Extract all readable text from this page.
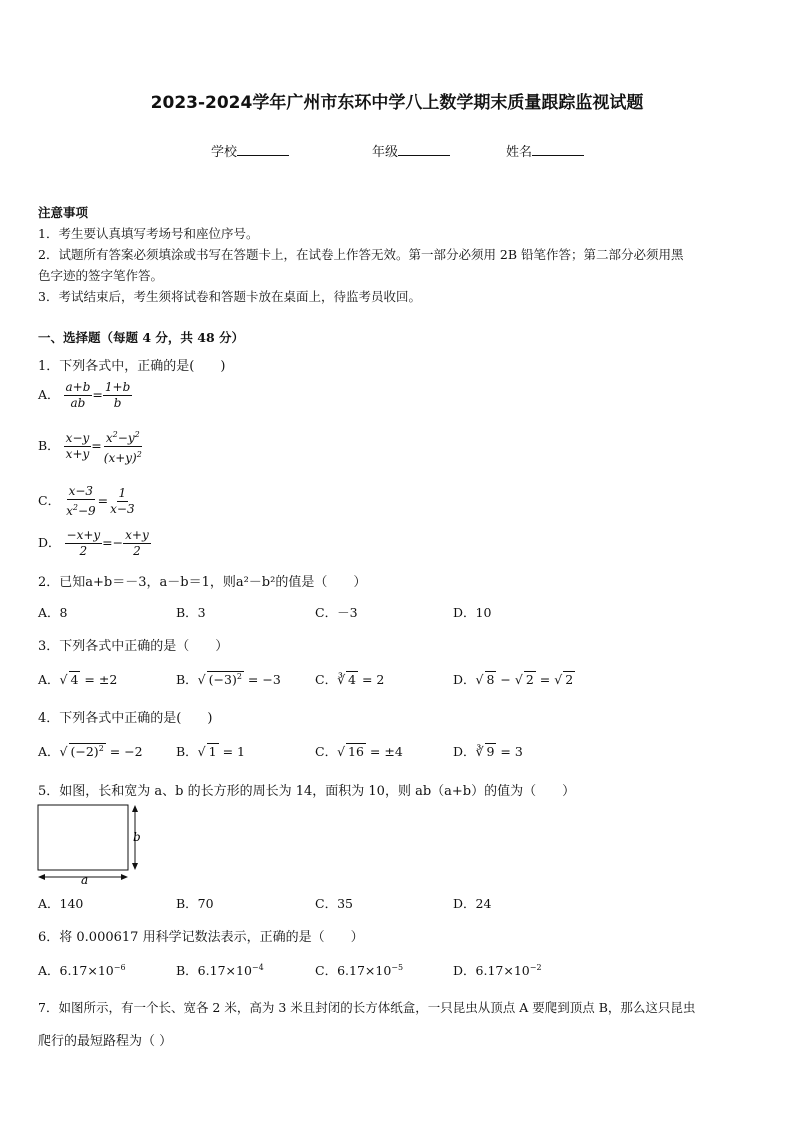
2023-2024学年广州市东环中学八上数学期末质量跟踪监视试题
学校	年级	姓名
注意事项
1．考生要认真填写考场号和座位序号。
2．试题所有答案必须填涂或书写在答题卡上，在试卷上作答无效。第一部分必须用 2B 铅笔作答；第二部分必须用黑
色字迹的签字笔作答。
3．考试结束后，考生须将试卷和答题卡放在桌面上，待监考员收回。
一、选择题（每题 4 分，共 48 分）
1．下列各式中，正确的是(　　)
A． $\frac{a+b}{ab} = \frac{1+b}{b}$
B． $\frac{x-y}{x+y} = \frac{x^2-y^2}{(x+y)^2}$
C． $\frac{x-3}{x^2-9} = \frac{1}{x-3}$
D． $\frac{-x+y}{2} =- \frac{x+y}{2}$
2．已知a+b＝－3，a－b＝1，则a²－b²的值是（　　）
A．8	B．3	C．－3	D．10
3．下列各式中正确的是（　　）
A．√ 4 = ±2	B．√ $(-3)^2 = -3$	C．∛ 4 = 2	D．√ 8 − √ 2 = √ 2
4．下列各式中正确的是(　　)
A．√ $(-2)^2 = -2$	B．√ 1 = 1	C．√ 16 = ±4	D．∛ 9 = 3
5．如图，长和宽为 a、b 的长方形的周长为 14，面积为 10，则 ab（a+b）的值为（　　）
b
a
A．140	B．70	C．35	D．24
6．将 0.000617 用科学记数法表示，正确的是（　　）
A．$6.17\times 10^{-6}$	B．$6.17\times 10^{-4}$	C．$6.17\times 10^{-5}$	D．$6.17\times 10^{-2}$
7．如图所示，有一个长、宽各 2 米，高为 3 米且封闭的长方体纸盒，一只昆虫从顶点 A 要爬到顶点 B，那么这只昆虫
爬行的最短路程为（ ）
